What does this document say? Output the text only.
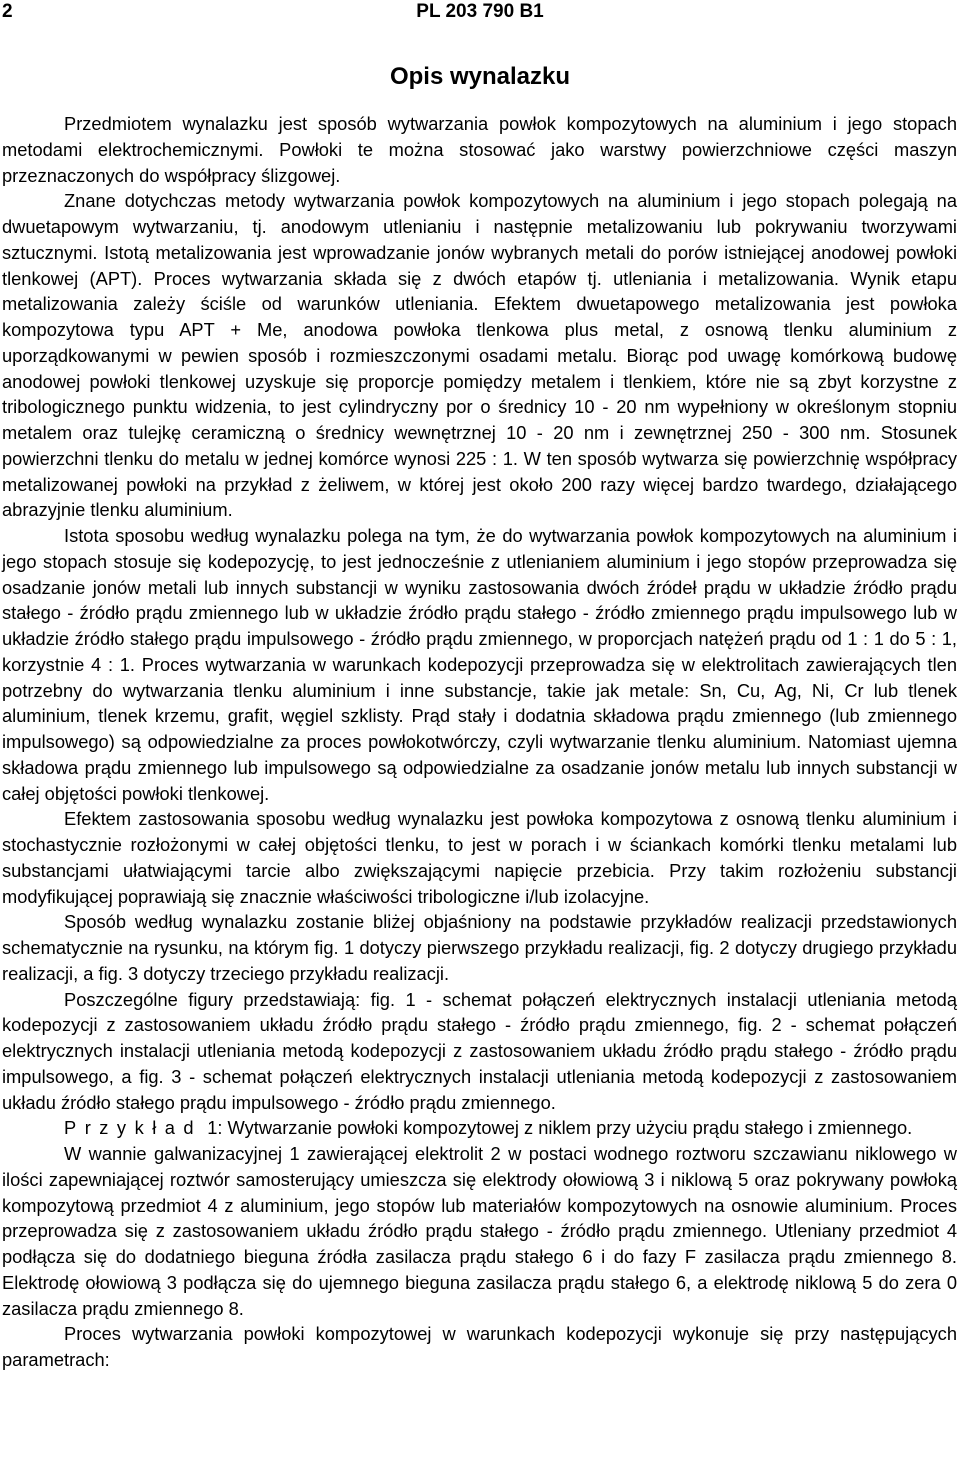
2	PL 203 790 B1
Opis wynalazku

Przedmiotem wynalazku jest sposób wytwarzania powłok kompozytowych na aluminium i jego stopach metodami elektrochemicznymi. Powłoki te można stosować jako warstwy powierzchniowe części maszyn przeznaczonych do współpracy ślizgowej.

Znane dotychczas metody wytwarzania powłok kompozytowych na aluminium i jego stopach polegają na dwuetapowym wytwarzaniu, tj. anodowym utlenianiu i następnie metalizowaniu lub pokrywaniu tworzywami sztucznymi. Istotą metalizowania jest wprowadzanie jonów wybranych metali do porów istniejącej anodowej powłoki tlenkowej (APT). Proces wytwarzania składa się z dwóch etapów tj. utleniania i metalizowania. Wynik etapu metalizowania zależy ściśle od warunków utleniania. Efektem dwuetapowego metalizowania jest powłoka kompozytowa typu APT + Me, anodowa powłoka tlenkowa plus metal, z osnową tlenku aluminium z uporządkowanymi w pewien sposób i rozmieszczonymi osadami metalu. Biorąc pod uwagę komórkową budowę anodowej powłoki tlenkowej uzyskuje się proporcje pomiędzy metalem i tlenkiem, które nie są zbyt korzystne z tribologicznego punktu widzenia, to jest cylindryczny por o średnicy 10 - 20 nm wypełniony w określonym stopniu metalem oraz tulejkę ceramiczną o średnicy wewnętrznej 10 - 20 nm i zewnętrznej 250 - 300 nm. Stosunek powierzchni tlenku do metalu w jednej komórce wynosi 225 : 1. W ten sposób wytwarza się powierzchnię współpracy metalizowanej powłoki na przykład z żeliwem, w której jest około 200 razy więcej bardzo twardego, działającego abrazyjnie tlenku aluminium.

Istota sposobu według wynalazku polega na tym, że do wytwarzania powłok kompozytowych na aluminium i jego stopach stosuje się kodepozycję, to jest jednocześnie z utlenianiem aluminium i jego stopów przeprowadza się osadzanie jonów metali lub innych substancji w wyniku zastosowania dwóch źródeł prądu w układzie źródło prądu stałego - źródło prądu zmiennego lub w układzie źródło prądu stałego - źródło zmiennego prądu impulsowego lub w układzie źródło stałego prądu impulsowego - źródło prądu zmiennego, w proporcjach natężeń prądu od 1 : 1 do 5 : 1, korzystnie 4 : 1. Proces wytwarzania w warunkach kodepozycji przeprowadza się w elektrolitach zawierających tlen potrzebny do wytwarzania tlenku aluminium i inne substancje, takie jak metale: Sn, Cu, Ag, Ni, Cr lub tlenek aluminium, tlenek krzemu, grafit, węgiel szklisty. Prąd stały i dodatnia składowa prądu zmiennego (lub zmiennego impulsowego) są odpowiedzialne za proces powłokotwórczy, czyli wytwarzanie tlenku aluminium. Natomiast ujemna składowa prądu zmiennego lub impulsowego są odpowiedzialne za osadzanie jonów metalu lub innych substancji w całej objętości powłoki tlenkowej.

Efektem zastosowania sposobu według wynalazku jest powłoka kompozytowa z osnową tlenku aluminium i stochastycznie rozłożonymi w całej objętości tlenku, to jest w porach i w ściankach komórki tlenku metalami lub substancjami ułatwiającymi tarcie albo zwiększającymi napięcie przebicia. Przy takim rozłożeniu substancji modyfikującej poprawiają się znacznie właściwości tribologiczne i/lub izolacyjne.

Sposób według wynalazku zostanie bliżej objaśniony na podstawie przykładów realizacji przedstawionych schematycznie na rysunku, na którym fig. 1 dotyczy pierwszego przykładu realizacji, fig. 2 dotyczy drugiego przykładu realizacji, a fig. 3 dotyczy trzeciego przykładu realizacji.

Poszczególne figury przedstawiają: fig. 1 - schemat połączeń elektrycznych instalacji utleniania metodą kodepozycji z zastosowaniem układu źródło prądu stałego - źródło prądu zmiennego, fig. 2 - schemat połączeń elektrycznych instalacji utleniania metodą kodepozycji z zastosowaniem układu źródło prądu stałego - źródło prądu impulsowego, a fig. 3 - schemat połączeń elektrycznych instalacji utleniania metodą kodepozycji z zastosowaniem układu źródło stałego prądu impulsowego - źródło prądu zmiennego.

Przykład 1: Wytwarzanie powłoki kompozytowej z niklem przy użyciu prądu stałego i zmiennego.

W wannie galwanizacyjnej 1 zawierającej elektrolit 2 w postaci wodnego roztworu szczawianu niklowego w ilości zapewniającej roztwór samosterujący umieszcza się elektrody ołowiową 3 i niklową 5 oraz pokrywany powłoką kompozytową przedmiot 4 z aluminium, jego stopów lub materiałów kompozytowych na osnowie aluminium. Proces przeprowadza się z zastosowaniem układu źródło prądu stałego - źródło prądu zmiennego. Utleniany przedmiot 4 podłącza się do dodatniego bieguna źródła zasilacza prądu stałego 6 i do fazy F zasilacza prądu zmiennego 8. Elektrodę ołowiową 3 podłącza się do ujemnego bieguna zasilacza prądu stałego 6, a elektrodę niklową 5 do zera 0 zasilacza prądu zmiennego 8.

Proces wytwarzania powłoki kompozytowej w warunkach kodepozycji wykonuje się przy następujących parametrach:
